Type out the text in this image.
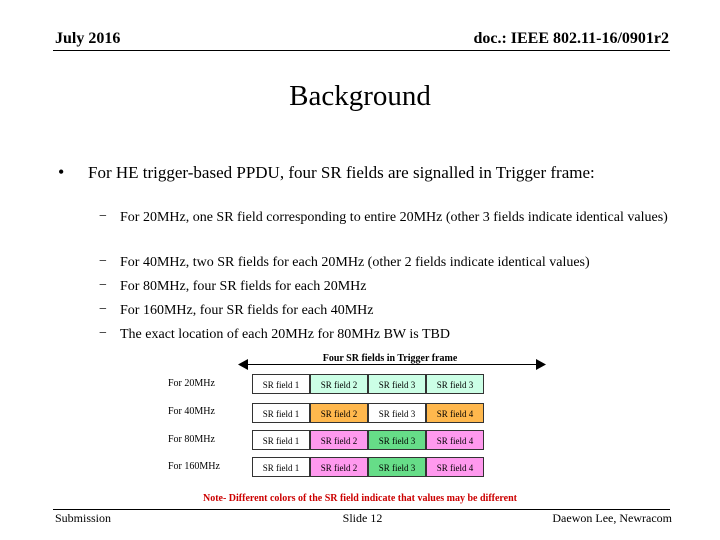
July 2016	doc.: IEEE 802.11-16/0901r2
Background
• For HE trigger-based PPDU, four SR fields are signalled in Trigger frame:
− For 20MHz, one SR field corresponding to entire 20MHz (other 3 fields indicate identical values)
− For 40MHz, two SR fields for each 20MHz (other 2 fields indicate identical values)
− For 80MHz, four SR fields for each 20MHz
− For 160MHz, four SR fields for each 40MHz
− The exact location of each 20MHz for 80MHz BW is TBD
Four SR fields in Trigger frame
For 20MHz	SR field 1	SR field 2	SR field 3	SR field 3
For 40MHz	SR field 1	SR field 2	SR field 3	SR field 4
For 80MHz	SR field 1	SR field 2	SR field 3	SR field 4
For 160MHz	SR field 1	SR field 2	SR field 3	SR field 4
Note- Different colors of the SR field indicate that values may be different
Submission	Slide 12	Daewon Lee, Newracom
